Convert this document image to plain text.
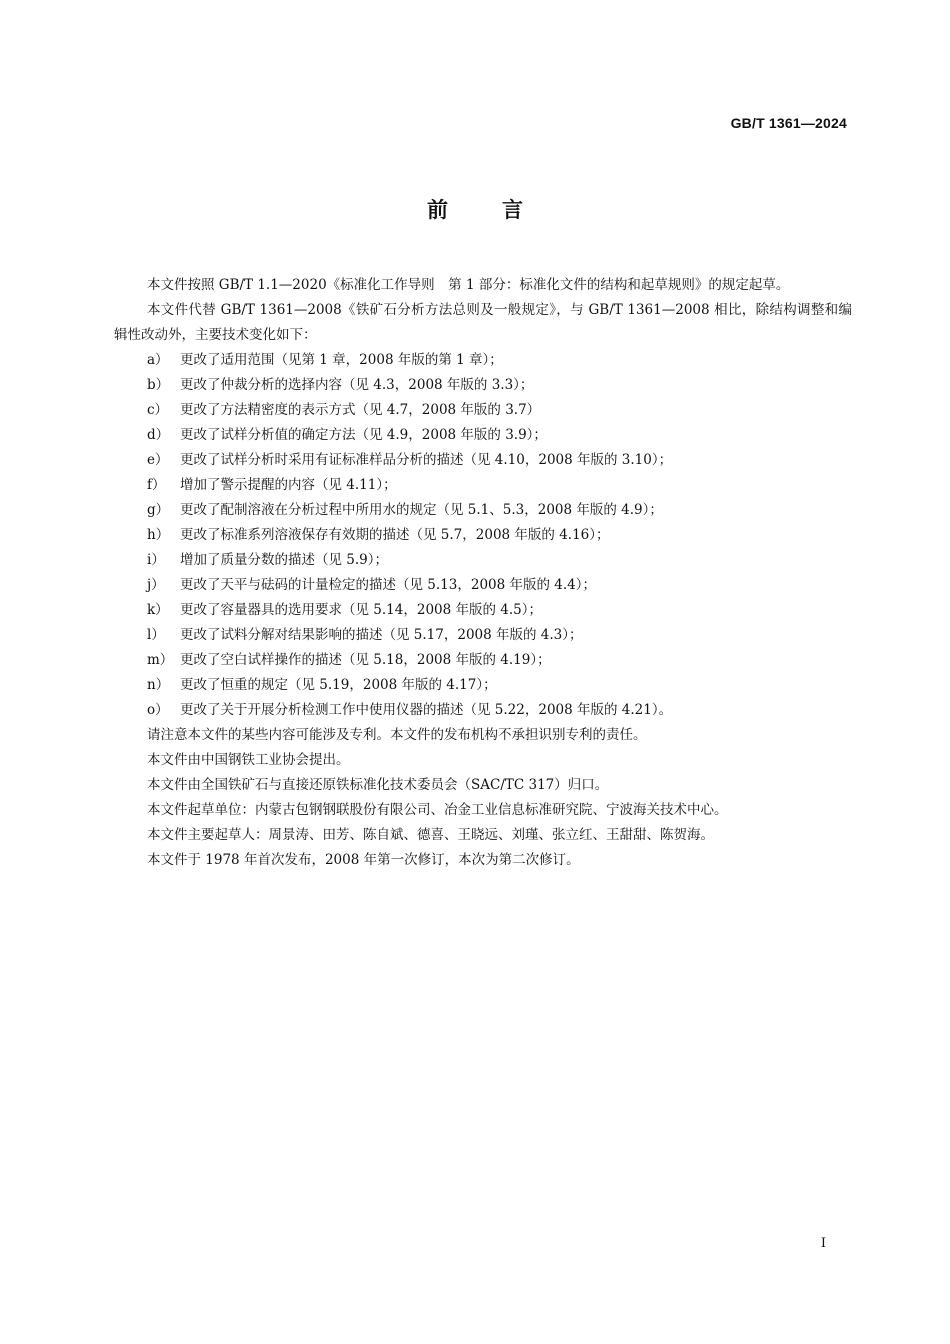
GB/T 1361—2024
前	言

本文件按照 GB/T 1.1—2020《标准化工作导则　第 1 部分：标准化文件的结构和起草规则》的规定起草。

本文件代替 GB/T 1361—2008《铁矿石分析方法总则及一般规定》，与 GB/T 1361—2008 相比，除结构调整和编辑性改动外，主要技术变化如下：

a） 更改了适用范围（见第 1 章，2008 年版的第 1 章）；
b） 更改了仲裁分析的选择内容（见 4.3，2008 年版的 3.3）；
c） 更改了方法精密度的表示方式（见 4.7，2008 年版的 3.7）
d） 更改了试样分析值的确定方法（见 4.9，2008 年版的 3.9）；
e） 更改了试样分析时采用有证标准样品分析的描述（见 4.10，2008 年版的 3.10）；
f） 增加了警示提醒的内容（见 4.11）；
g） 更改了配制溶液在分析过程中所用水的规定（见 5.1、5.3，2008 年版的 4.9）；
h） 更改了标准系列溶液保存有效期的描述（见 5.7，2008 年版的 4.16）；
i） 增加了质量分数的描述（见 5.9）；
j） 更改了天平与砝码的计量检定的描述（见 5.13，2008 年版的 4.4）；
k） 更改了容量器具的选用要求（见 5.14，2008 年版的 4.5）；
l） 更改了试料分解对结果影响的描述（见 5.17，2008 年版的 4.3）；
m） 更改了空白试样操作的描述（见 5.18，2008 年版的 4.19）；
n） 更改了恒重的规定（见 5.19，2008 年版的 4.17）；
o） 更改了关于开展分析检测工作中使用仪器的描述（见 5.22，2008 年版的 4.21）。

请注意本文件的某些内容可能涉及专利。本文件的发布机构不承担识别专利的责任。

本文件由中国钢铁工业协会提出。

本文件由全国铁矿石与直接还原铁标准化技术委员会（SAC/TC 317）归口。

本文件起草单位：内蒙古包钢钢联股份有限公司、冶金工业信息标准研究院、宁波海关技术中心。

本文件主要起草人：周景涛、田芳、陈自斌、德喜、王晓远、刘瑾、张立红、王甜甜、陈贺海。

本文件于 1978 年首次发布，2008 年第一次修订，本次为第二次修订。

I
